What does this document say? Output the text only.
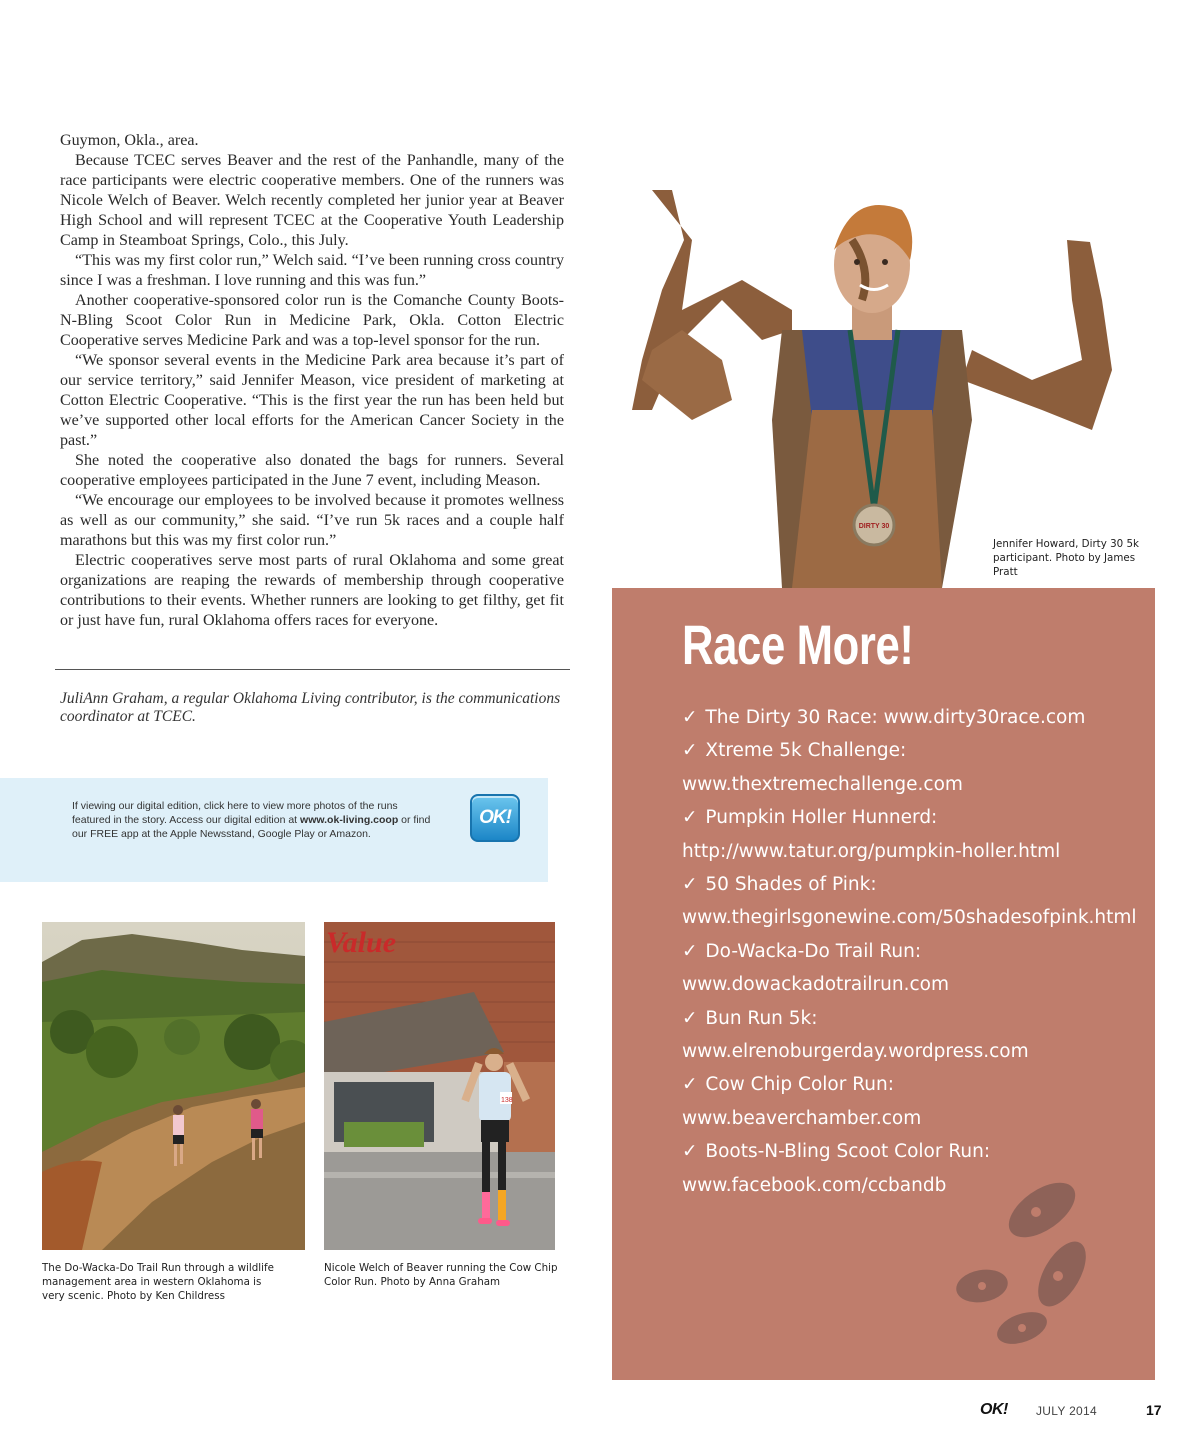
Guymon, Okla., area.

Because TCEC serves Beaver and the rest of the Panhandle, many of the race participants were electric cooperative members. One of the runners was Nicole Welch of Beaver. Welch recently completed her junior year at Beaver High School and will represent TCEC at the Cooperative Youth Leadership Camp in Steamboat Springs, Colo., this July.

“This was my first color run,” Welch said. “I’ve been running cross country since I was a freshman. I love running and this was fun.”

Another cooperative-sponsored color run is the Comanche County Boots-N-Bling Scoot Color Run in Medicine Park, Okla. Cotton Electric Cooperative serves Medicine Park and was a top-level sponsor for the run.

“We sponsor several events in the Medicine Park area because it’s part of our service territory,” said Jennifer Meason, vice president of marketing at Cotton Electric Cooperative. “This is the first year the run has been held but we’ve supported other local efforts for the American Cancer Society in the past.”

She noted the cooperative also donated the bags for runners. Several cooperative employees participated in the June 7 event, including Meason.

“We encourage our employees to be involved because it promotes wellness as well as our community,” she said. “I’ve run 5k races and a couple half marathons but this was my first color run.”

Electric cooperatives serve most parts of rural Oklahoma and some great organizations are reaping the rewards of membership through cooperative contributions to their events. Whether runners are looking to get filthy, get fit or just have fun, rural Oklahoma offers races for everyone.

JuliAnn Graham, a regular Oklahoma Living contributor, is the communications coordinator at TCEC.
If viewing our digital edition, click here to view more photos of the runs featured in the story. Access our digital edition at www.ok-living.coop or find our FREE app at the Apple Newsstand, Google Play or Amazon.
OK!
The Do-Wacka-Do Trail Run through a wildlife management area in western Oklahoma is very scenic. Photo by Ken Childress
Value
138
Nicole Welch of Beaver running the Cow Chip Color Run. Photo by Anna Graham
DIRTY 30
Jennifer Howard, Dirty 30 5k participant. Photo by James Pratt
Race More!
✓ The Dirty 30 Race: www.dirty30race.com
✓ Xtreme 5k Challenge:
www.thextremechallenge.com
✓ Pumpkin Holler Hunnerd:
http://www.tatur.org/pumpkin-holler.html
✓ 50 Shades of Pink:
www.thegirlsgonewine.com/50shadesofpink.html
✓ Do-Wacka-Do Trail Run:
www.dowackadotrailrun.com
✓ Bun Run 5k:
www.elrenoburgerday.wordpress.com
✓ Cow Chip Color Run:
www.beaverchamber.com
✓ Boots-N-Bling Scoot Color Run:
www.facebook.com/ccbandb
OK! JULY 2014	17
